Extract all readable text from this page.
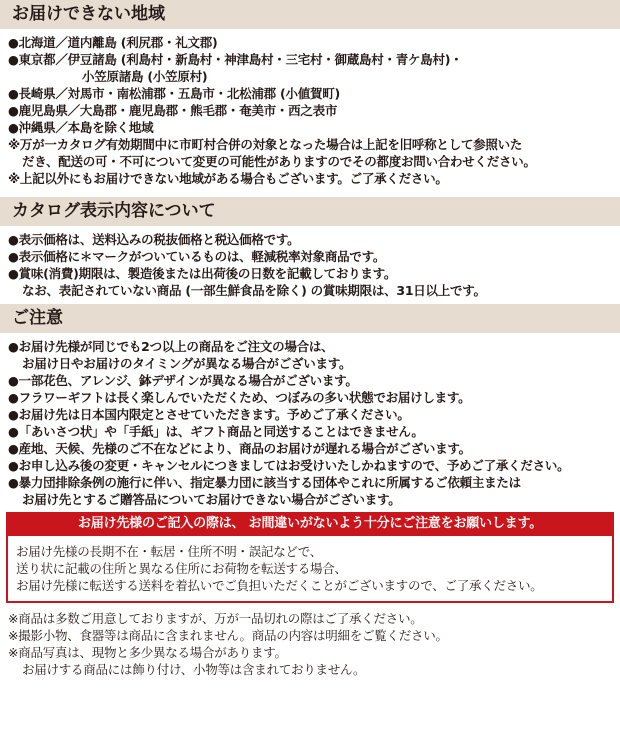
お届けできない地域
●北海道／道内離島 (利尻郡・礼文郡)
●東京都／伊豆諸島 (利島村・新島村・神津島村・三宅村・御蔵島村・青ケ島村)・
小笠原諸島 (小笠原村)
●長崎県／対馬市・南松浦郡・五島市・北松浦郡 (小値賀町)
●鹿児島県／大島郡・鹿児島郡・熊毛郡・奄美市・西之表市
●沖縄県／本島を除く地域
※万が一カタログ有効期間中に市町村合併の対象となった場合は上記を旧呼称として参照いた
だき、配送の可・不可について変更の可能性がありますのでその都度お問い合わせください。
※上記以外にもお届けできない地域がある場合もございます。ご了承ください。
カタログ表示内容について
●表示価格は、送料込みの税抜価格と税込価格です。
●表示価格に＊マークがついているものは、軽減税率対象商品です。
●賞味(消費)期限は、製造後または出荷後の日数を記載しております。
なお、表記されていない商品 (一部生鮮食品を除く) の賞味期限は、31日以上です。
ご注意
●お届け先様が同じでも2つ以上の商品をご注文の場合は、
お届け日やお届けのタイミングが異なる場合がございます。
●一部花色、アレンジ、鉢デザインが異なる場合がございます。
●フラワーギフトは長く楽しんでいただくため、つぼみの多い状態でお届けします。
●お届け先は日本国内限定とさせていただきます。予めご了承ください。
●「あいさつ状」や「手紙」は、ギフト商品と同送することはできません。
●産地、天候、先様のご不在などにより、商品のお届けが遅れる場合がございます。
●お申し込み後の変更・キャンセルにつきましてはお受けいたしかねますので、予めご了承ください。
●暴力団排除条例の施行に伴い、指定暴力団に該当する団体やこれに所属するご依頼主または
お届け先とするご贈答品についてお届けできない場合がございます。
お届け先様のご記入の際は、 お間違いがないよう十分にご注意をお願いします。
お届け先様の長期不在・転居・住所不明・誤記などで、
送り状に記載の住所と異なる住所にお荷物を転送する場合、
お届け先様に転送する送料を着払いでご負担いただくことがございますので、ご了承ください。
※商品は多数ご用意しておりますが、万が一品切れの際はご了承ください。
※撮影小物、食器等は商品に含まれません。商品の内容は明細をご覧ください。
※商品写真は、現物と多少異なる場合があります。
お届けする商品には飾り付け、小物等は含まれておりません。
